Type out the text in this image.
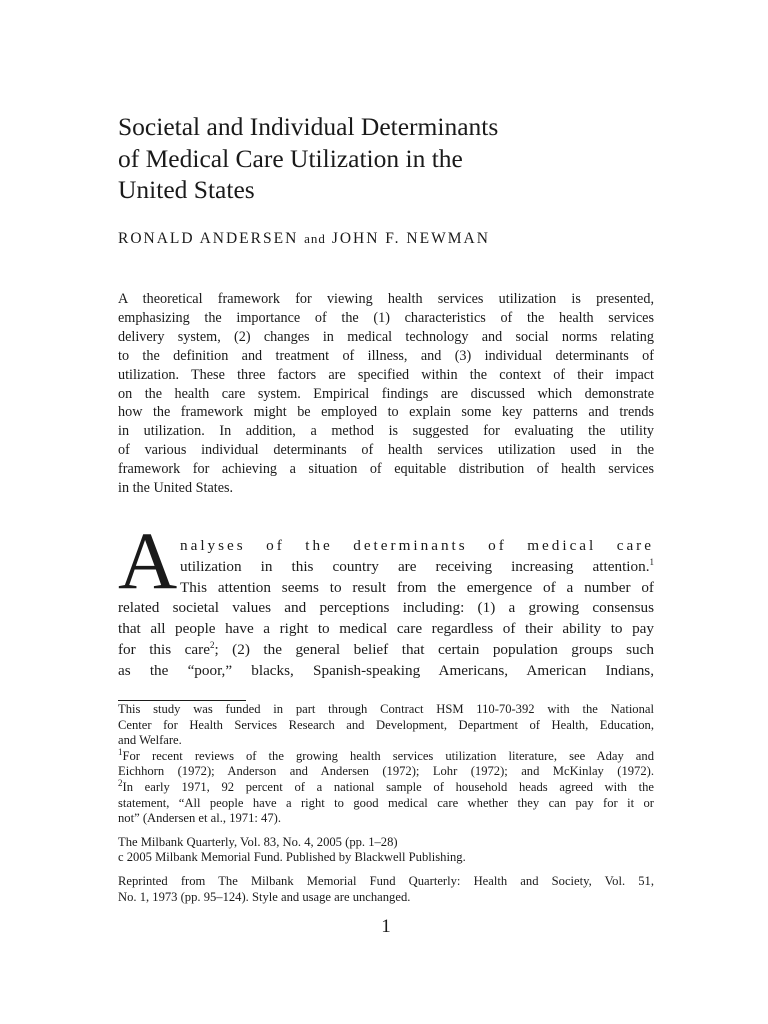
Societal and Individual Determinants
of Medical Care Utilization in the
United States
RONALD ANDERSEN and JOHN F. NEWMAN
A theoretical framework for viewing health services utilization is presented,
emphasizing the importance of the (1) characteristics of the health services
delivery system, (2) changes in medical technology and social norms relating
to the definition and treatment of illness, and (3) individual determinants of
utilization. These three factors are specified within the context of their impact
on the health care system. Empirical findings are discussed which demonstrate
how the framework might be employed to explain some key patterns and trends
in utilization. In addition, a method is suggested for evaluating the utility
of various individual determinants of health services utilization used in the
framework for achieving a situation of equitable distribution of health services
in the United States.
A nalyses of the determinants of medical care
utilization in this country are receiving increasing attention.$^1$
This attention seems to result from the emergence of a number of
related societal values and perceptions including: (1) a growing consensus
that all people have a right to medical care regardless of their ability to pay
for this care$^2$; (2) the general belief that certain population groups such
as the “poor,” blacks, Spanish-speaking Americans, American Indians,
This study was funded in part through Contract HSM 110-70-392 with the National
Center for Health Services Research and Development, Department of Health, Education,
and Welfare.
$^1$For recent reviews of the growing health services utilization literature, see Aday and
Eichhorn (1972); Anderson and Andersen (1972); Lohr (1972); and McKinlay (1972).
$^2$In early 1971, 92 percent of a national sample of household heads agreed with the
statement, “All people have a right to good medical care whether they can pay for it or
not” (Andersen et al., 1971: 47).
The Milbank Quarterly, Vol. 83, No. 4, 2005 (pp. 1–28)
c 2005 Milbank Memorial Fund. Published by Blackwell Publishing.
Reprinted from The Milbank Memorial Fund Quarterly: Health and Society, Vol. 51,
No. 1, 1973 (pp. 95–124). Style and usage are unchanged.
1
